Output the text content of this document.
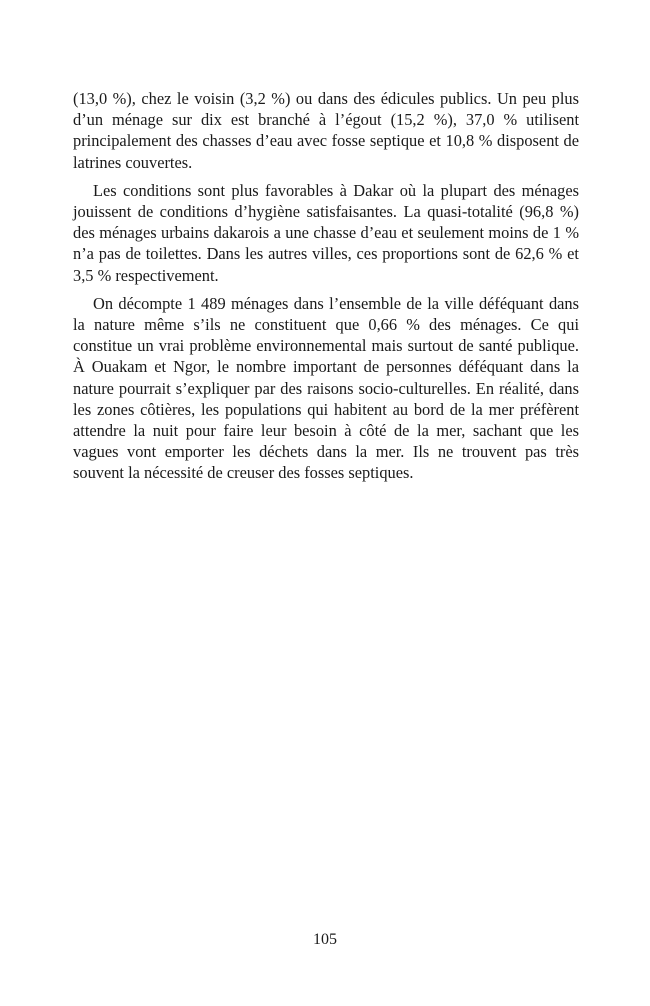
(13,0 %), chez le voisin (3,2 %) ou dans des édicules publics. Un peu plus d’un ménage sur dix est branché à l’égout (15,2 %), 37,0 % utilisent principalement des chasses d’eau avec fosse septique et 10,8 % disposent de latrines couvertes.

Les conditions sont plus favorables à Dakar où la plupart des ménages jouissent de conditions d’hygiène satisfaisantes. La quasi-totalité (96,8 %) des ménages urbains dakarois a une chasse d’eau et seulement moins de 1 % n’a pas de toilettes. Dans les autres villes, ces proportions sont de 62,6 % et 3,5 % respectivement.

On décompte 1 489 ménages dans l’ensemble de la ville déféquant dans la nature même s’ils ne constituent que 0,66 % des ménages. Ce qui constitue un vrai problème environnemental mais surtout de santé publique. À Ouakam et Ngor, le nombre important de personnes déféquant dans la nature pourrait s’expliquer par des raisons socio-culturelles. En réalité, dans les zones côtières, les populations qui habitent au bord de la mer préfèrent attendre la nuit pour faire leur besoin à côté de la mer, sachant que les vagues vont emporter les déchets dans la mer. Ils ne trouvent pas très souvent la nécessité de creuser des fosses septiques.

105
